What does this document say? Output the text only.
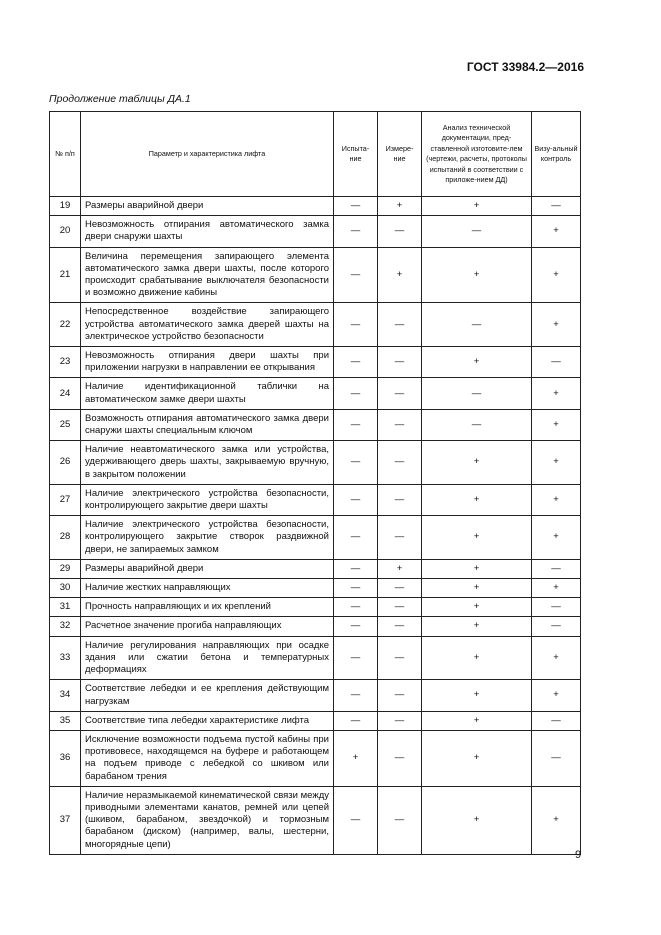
ГОСТ 33984.2—2016
Продолжение таблицы ДА.1
№ п/п	Параметр и характеристика лифта	Испыта-ние	Измере-ние	Анализ технической документации, пред-ставленной изготовите-лем (чертежи, расчеты, протоколы испытаний в соответствии с приложе-нием ДД)	Визу-альный контроль
19	Размеры аварийной двери	—	+	+	—
20	Невозможность отпирания автоматического замка двери снаружи шахты	—	—	—	+
21	Величина перемещения запирающего элемента автоматического замка двери шахты, после которого происходит срабатывание выключателя безопасности и возможно движение кабины	—	+	+	+
22	Непосредственное воздействие запирающего устройства автоматического замка дверей шахты на электрическое устройство безопасности	—	—	—	+
23	Невозможность отпирания двери шахты при приложении нагрузки в направлении ее открывания	—	—	+	—
24	Наличие идентификационной таблички на автоматическом замке двери шахты	—	—	—	+
25	Возможность отпирания автоматического замка двери снаружи шахты специальным ключом	—	—	—	+
26	Наличие неавтоматического замка или устройства, удерживающего дверь шахты, закрываемую вручную, в закрытом положении	—	—	+	+
27	Наличие электрического устройства безопасности, контролирующего закрытие двери шахты	—	—	+	+
28	Наличие электрического устройства безопасности, контролирующего закрытие створок раздвижной двери, не запираемых замком	—	—	+	+
29	Размеры аварийной двери	—	+	+	—
30	Наличие жестких направляющих	—	—	+	+
31	Прочность направляющих и их креплений	—	—	+	—
32	Расчетное значение прогиба направляющих	—	—	+	—
33	Наличие регулирования направляющих при осадке здания или сжатии бетона и температурных деформациях	—	—	+	+
34	Соответствие лебедки и ее крепления действующим нагрузкам	—	—	+	+
35	Соответствие типа лебедки характеристике лифта	—	—	+	—
36	Исключение возможности подъема пустой кабины при противовесе, находящемся на буфере и работающем на подъем приводе с лебедкой со шкивом или барабаном трения	+	—	+	—
37	Наличие неразмыкаемой кинематической связи между приводными элементами канатов, ремней или цепей (шкивом, барабаном, звездочкой) и тормозным барабаном (диском) (например, валы, шестерни, многорядные цепи)	—	—	+	+
9
